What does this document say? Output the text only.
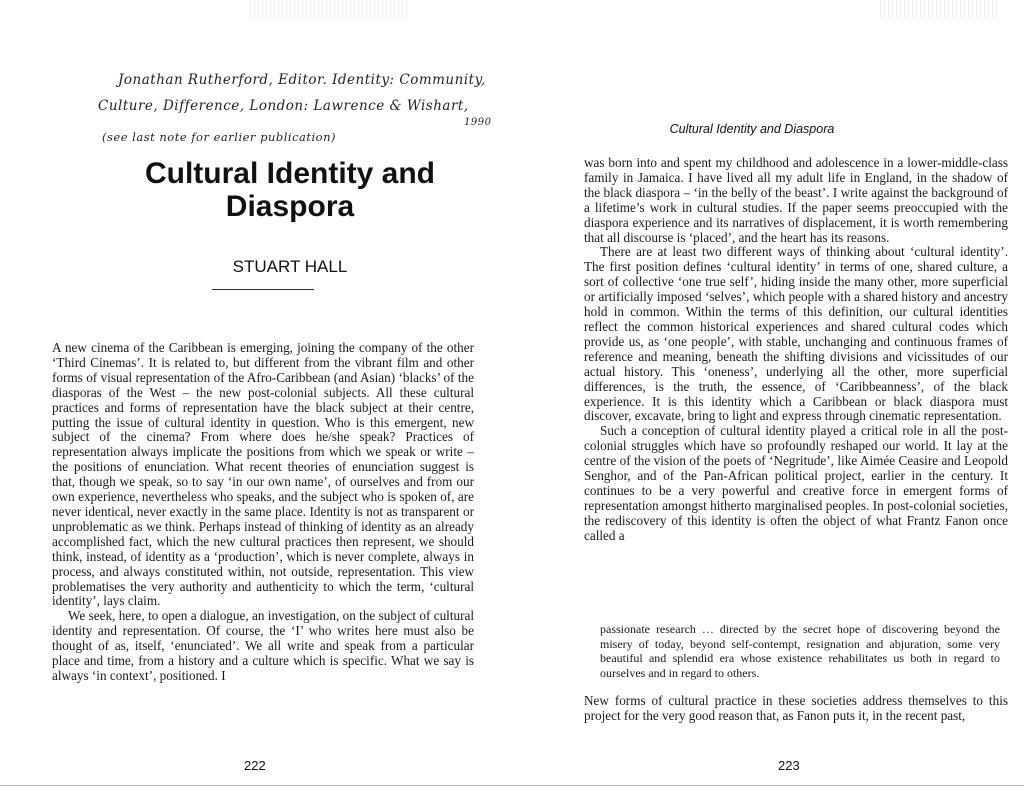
Jonathan Rutherford, Editor. Identity: Community,
Culture, Difference, London: Lawrence & Wishart,
1990
(see last note for earlier publication)
Cultural Identity and
Diaspora
STUART HALL

A new cinema of the Caribbean is emerging, joining the company of the other ‘Third Cinemas’. It is related to, but different from the vibrant film and other forms of visual representation of the Afro-Caribbean (and Asian) ‘blacks’ of the diasporas of the West – the new post-colonial subjects. All these cultural practices and forms of representation have the black subject at their centre, putting the issue of cultural identity in question. Who is this emergent, new subject of the cinema? From where does he/she speak? Practices of representation always implicate the positions from which we speak or write – the positions of enunciation. What recent theories of enunciation suggest is that, though we speak, so to say ‘in our own name’, of ourselves and from our own experience, nevertheless who speaks, and the subject who is spoken of, are never identical, never exactly in the same place. Identity is not as transparent or unproblematic as we think. Perhaps instead of thinking of identity as an already accomplished fact, which the new cultural practices then represent, we should think, instead, of identity as a ‘production’, which is never complete, always in process, and always constituted within, not outside, representation. This view problematises the very authority and authenticity to which the term, ‘cultural identity’, lays claim.

We seek, here, to open a dialogue, an investigation, on the subject of cultural identity and representation. Of course, the ‘I’ who writes here must also be thought of as, itself, ‘enunciated’. We all write and speak from a particular place and time, from a history and a culture which is specific. What we say is always ‘in context’, positioned. I

222
Cultural Identity and Diaspora

was born into and spent my childhood and adolescence in a lower-middle-class family in Jamaica. I have lived all my adult life in England, in the shadow of the black diaspora – ‘in the belly of the beast’. I write against the background of a lifetime’s work in cultural studies. If the paper seems preoccupied with the diaspora experience and its narratives of displacement, it is worth remembering that all discourse is ‘placed’, and the heart has its reasons.

There are at least two different ways of thinking about ‘cultural identity’. The first position defines ‘cultural identity’ in terms of one, shared culture, a sort of collective ‘one true self’, hiding inside the many other, more superficial or artificially imposed ‘selves’, which people with a shared history and ancestry hold in common. Within the terms of this definition, our cultural identities reflect the common historical experiences and shared cultural codes which provide us, as ‘one people’, with stable, unchanging and continuous frames of reference and meaning, beneath the shifting divisions and vicissitudes of our actual history. This ‘oneness’, underlying all the other, more superficial differences, is the truth, the essence, of ‘Caribbeanness’, of the black experience. It is this identity which a Caribbean or black diaspora must discover, excavate, bring to light and express through cinematic representation.

Such a conception of cultural identity played a critical role in all the post-colonial struggles which have so profoundly reshaped our world. It lay at the centre of the vision of the poets of ‘Negritude’, like Aimée Ceasire and Leopold Senghor, and of the Pan-African political project, earlier in the century. It continues to be a very powerful and creative force in emergent forms of representation amongst hitherto marginalised peoples. In post-colonial societies, the rediscovery of this identity is often the object of what Frantz Fanon once called a

passionate research … directed by the secret hope of discovering beyond the misery of today, beyond self-contempt, resignation and abjuration, some very beautiful and splendid era whose existence rehabilitates us both in regard to ourselves and in regard to others.
New forms of cultural practice in these societies address themselves to this project for the very good reason that, as Fanon puts it, in the recent past,
223
